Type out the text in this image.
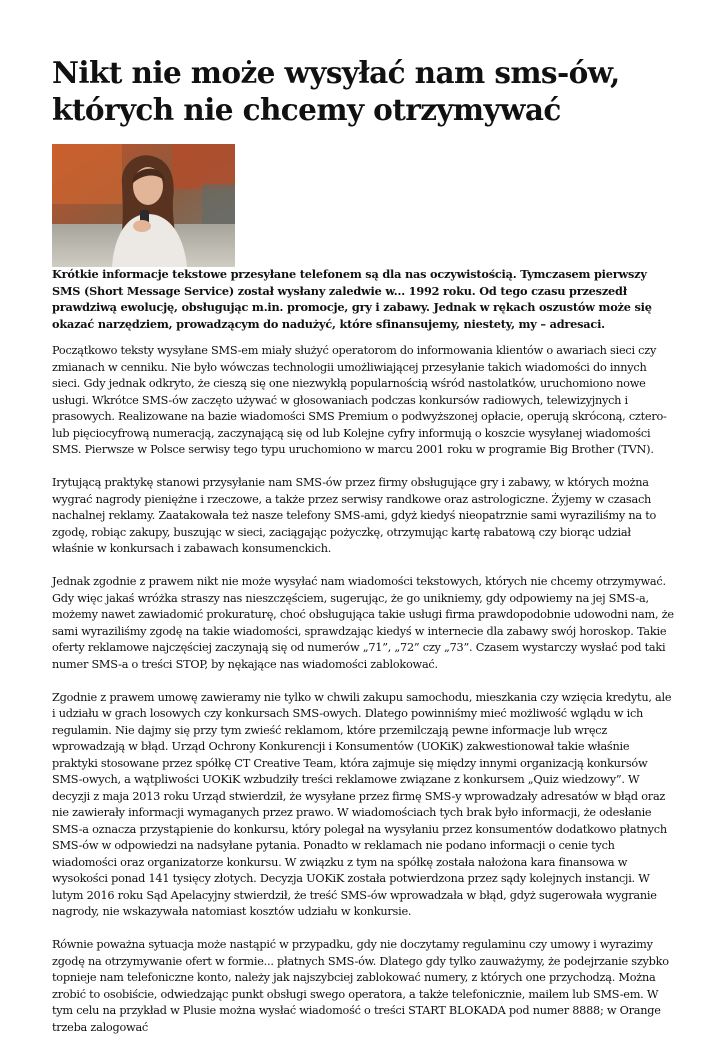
Nikt nie może wysyłać nam sms-ów, których nie chcemy otrzymywać

Krótkie informacje tekstowe przesyłane telefonem są dla nas oczywistością. Tymczasem pierwszy SMS (Short Message Service) został wysłany zaledwie w... 1992 roku. Od tego czasu przeszedł prawdziwą ewolucję, obsługując m.in. promocje, gry i zabawy. Jednak w rękach oszustów może się okazać narzędziem, prowadzącym do nadużyć, które sfinansujemy, niestety, my – adresaci.

Początkowo teksty wysyłane SMS-em miały służyć operatorom do informowania klientów o awariach sieci czy zmianach w cenniku. Nie było wówczas technologii umożliwiającej przesyłanie takich wiadomości do innych sieci. Gdy jednak odkryto, że cieszą się one niezwykłą popularnością wśród nastolatków, uruchomiono nowe usługi. Wkrótce SMS-ów zaczęto używać w głosowaniach podczas konkursów radiowych, telewizyjnych i prasowych. Realizowane na bazie wiadomości SMS Premium o podwyższonej opłacie, operują skróconą, cztero- lub pięciocyfrową numeracją, zaczynającą się od lub Kolejne cyfry informują o koszcie wysyłanej wiadomości SMS. Pierwsze w Polsce serwisy tego typu uruchomiono w marcu 2001 roku w programie Big Brother (TVN).

Irytującą praktykę stanowi przysyłanie nam SMS-ów przez firmy obsługujące gry i zabawy, w których można wygrać nagrody pieniężne i rzeczowe, a także przez serwisy randkowe oraz astrologiczne. Żyjemy w czasach nachalnej reklamy. Zaatakowała też nasze telefony SMS-ami, gdyż kiedyś nieopatrznie sami wyraziliśmy na to zgodę, robiąc zakupy, buszując w sieci, zaciągając pożyczkę, otrzymując kartę rabatową czy biorąc udział właśnie w konkursach i zabawach konsumenckich.

Jednak zgodnie z prawem nikt nie może wysyłać nam wiadomości tekstowych, których nie chcemy otrzymywać. Gdy więc jakaś wróżka straszy nas nieszczęściem, sugerując, że go unikniemy, gdy odpowiemy na jej SMS-a, możemy nawet zawiadomić prokuraturę, choć obsługująca takie usługi firma prawdopodobnie udowodni nam, że sami wyraziliśmy zgodę na takie wiadomości, sprawdzając kiedyś w internecie dla zabawy swój horoskop. Takie oferty reklamowe najczęściej zaczynają się od numerów „71”, „72” czy „73”. Czasem wystarczy wysłać pod taki numer SMS-a o treści STOP, by nękające nas wiadomości zablokować.

Zgodnie z prawem umowę zawieramy nie tylko w chwili zakupu samochodu, mieszkania czy wzięcia kredytu, ale i udziału w grach losowych czy konkursach SMS-owych. Dlatego powinniśmy mieć możliwość wglądu w ich regulamin. Nie dajmy się przy tym zwieść reklamom, które przemilczają pewne informacje lub wręcz wprowadzają w błąd. Urząd Ochrony Konkurencji i Konsumentów (UOKiK) zakwestionował takie właśnie praktyki stosowane przez spółkę CT Creative Team, która zajmuje się między innymi organizacją konkursów SMS-owych, a wątpliwości UOKiK wzbudziły treści reklamowe związane z konkursem „Quiz wiedzowy”. W decyzji z maja 2013 roku Urząd stwierdził, że wysyłane przez firmę SMS-y wprowadzały adresatów w błąd oraz nie zawierały informacji wymaganych przez prawo. W wiadomościach tych brak było informacji, że odesłanie SMS-a oznacza przystąpienie do konkursu, który polegał na wysyłaniu przez konsumentów dodatkowo płatnych SMS-ów w odpowiedzi na nadsyłane pytania. Ponadto w reklamach nie podano informacji o cenie tych wiadomości oraz organizatorze konkursu. W związku z tym na spółkę została nałożona kara finansowa w wysokości ponad 141 tysięcy złotych. Decyzja UOKiK została potwierdzona przez sądy kolejnych instancji. W lutym 2016 roku Sąd Apelacyjny stwierdził, że treść SMS-ów wprowadzała w błąd, gdyż sugerowała wygranie nagrody, nie wskazywała natomiast kosztów udziału w konkursie.

Równie poważna sytuacja może nastąpić w przypadku, gdy nie doczytamy regulaminu czy umowy i wyrazimy zgodę na otrzymywanie ofert w formie... płatnych SMS-ów. Dlatego gdy tylko zauważymy, że podejrzanie szybko topnieje nam telefoniczne konto, należy jak najszybciej zablokować numery, z których one przychodzą. Można zrobić to osobiście, odwiedzając punkt obsługi swego operatora, a także telefonicznie, mailem lub SMS-em. W tym celu na przykład w Plusie można wysłać wiadomość o treści START BLOKADA pod numer 8888; w Orange trzeba zalogować
